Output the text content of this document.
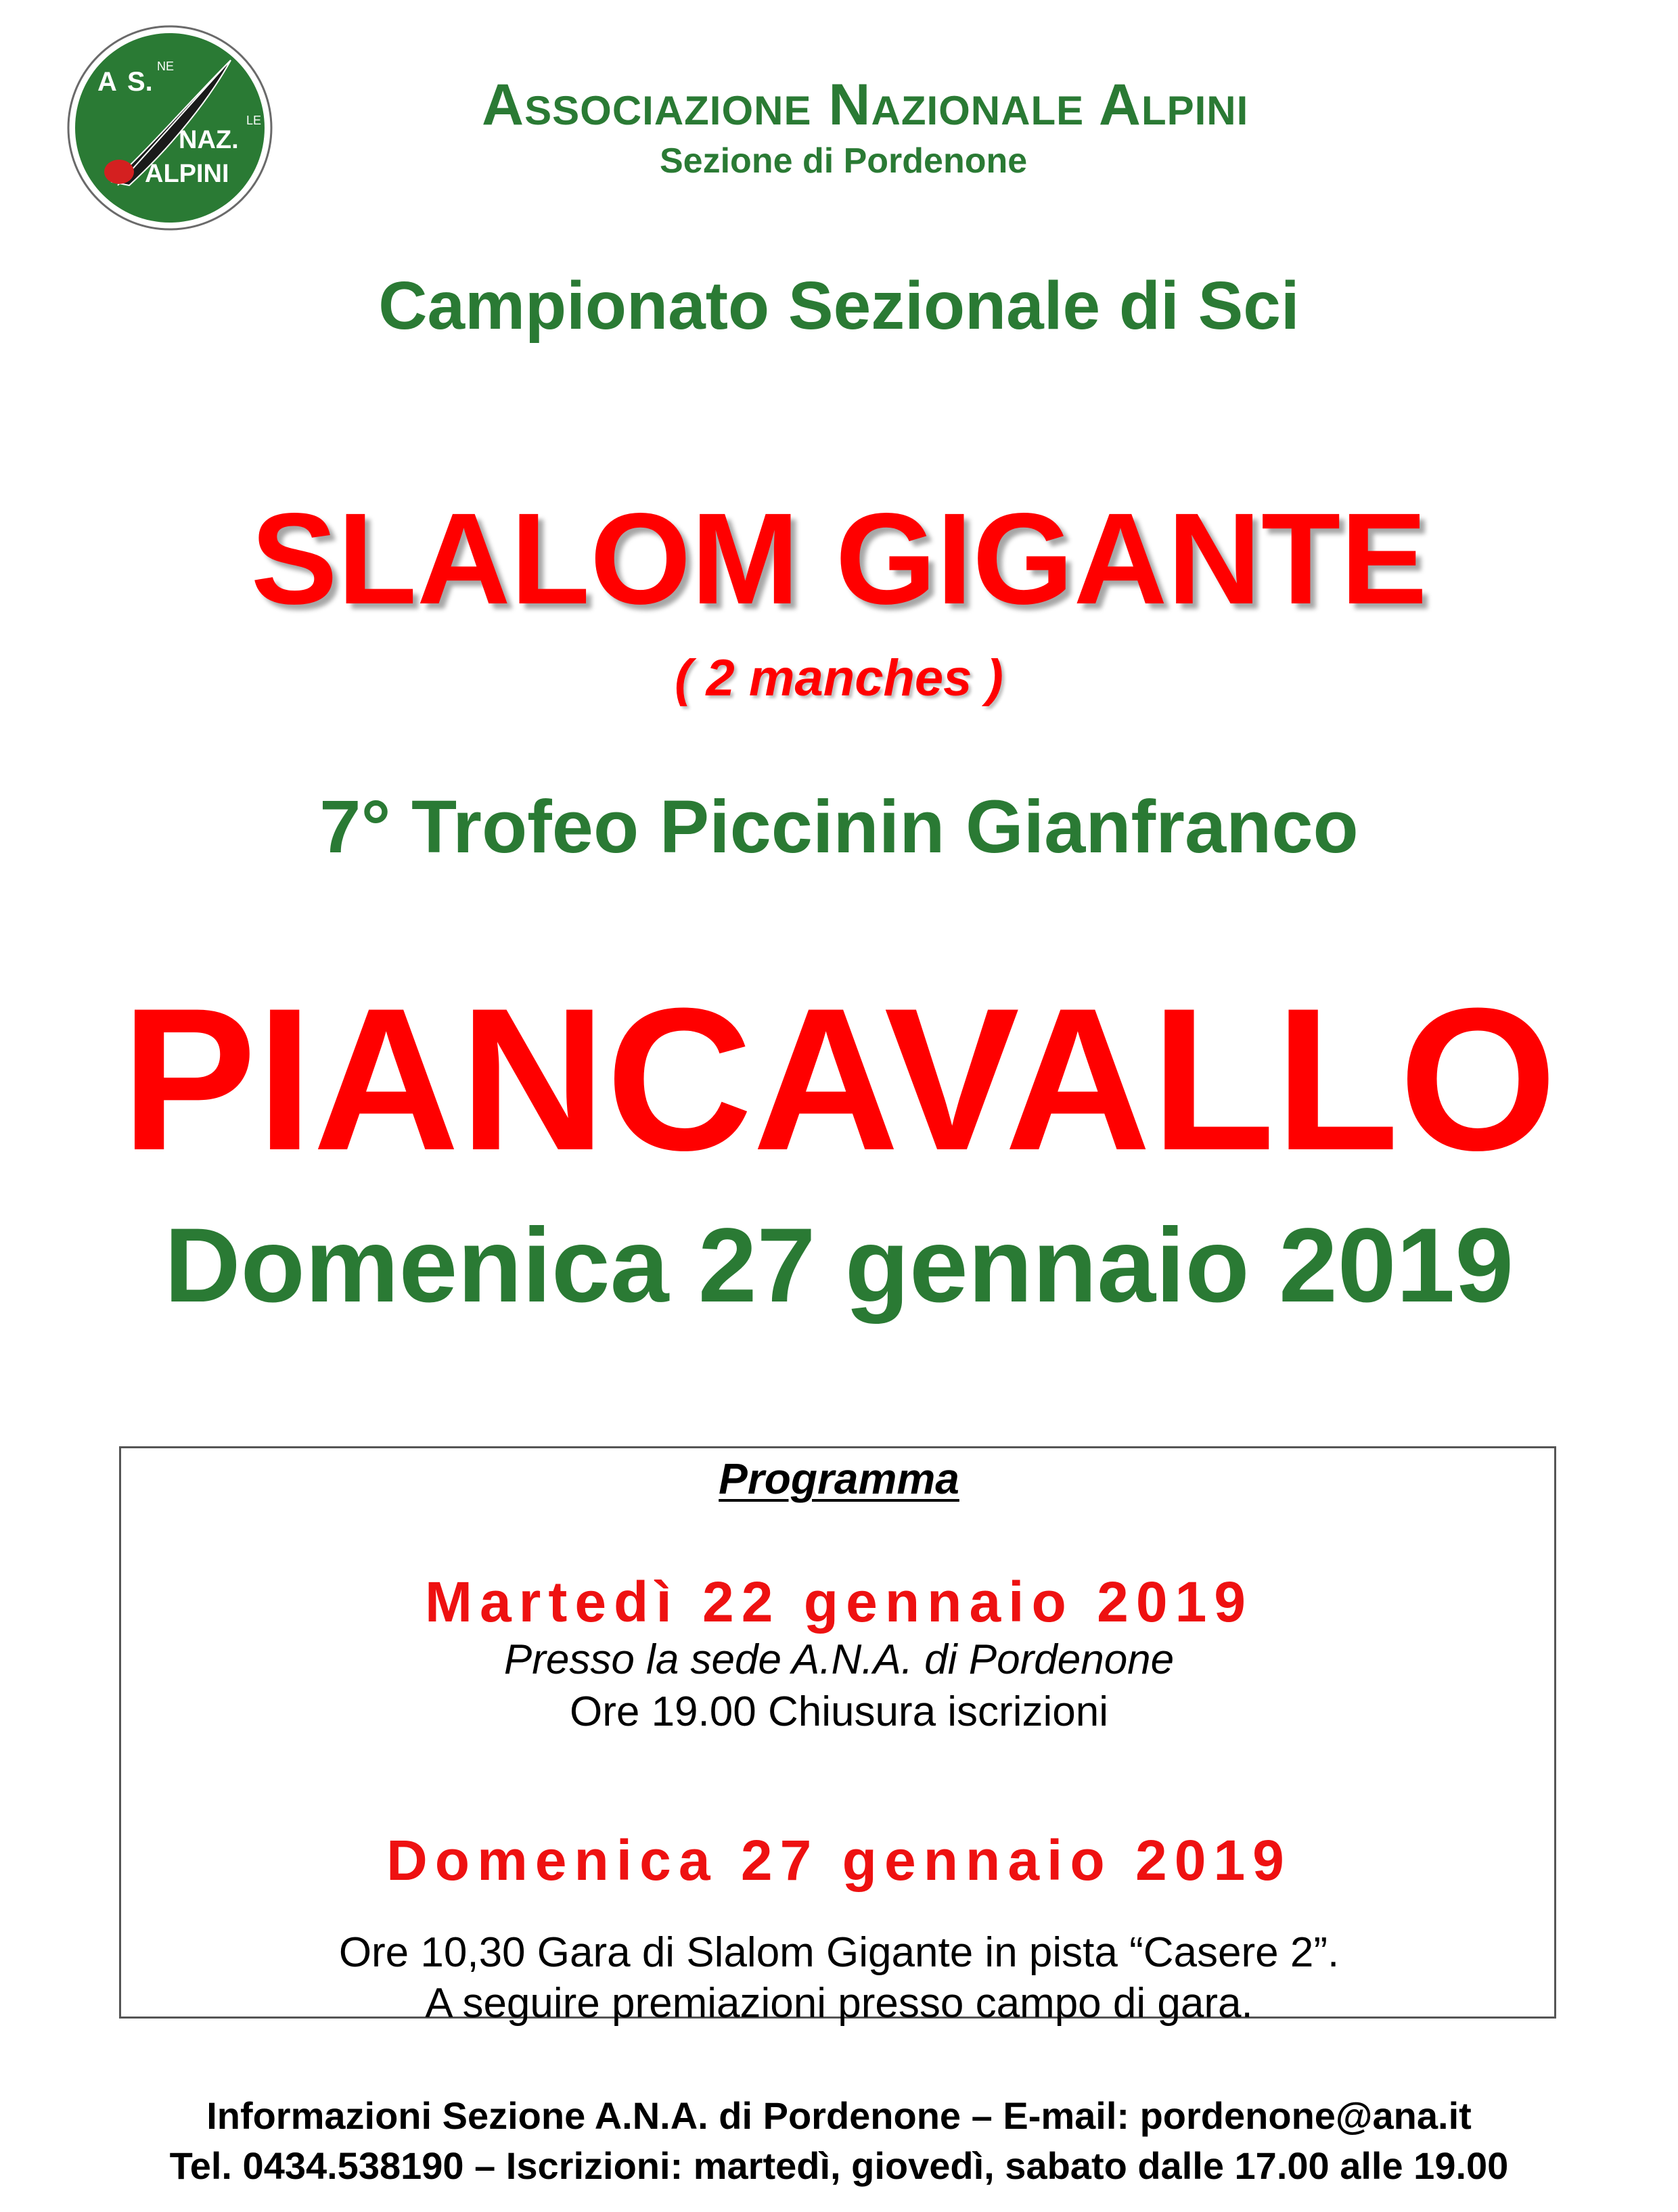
A S.
NE
LE
NAZ.
ALPINI
Associazione Nazionale Alpini
Sezione di Pordenone
Campionato Sezionale di Sci
SLALOM GIGANTE
( 2 manches )
7° Trofeo Piccinin Gianfranco
PIANCAVALLO
Domenica 27 gennaio 2019
Programma
Martedì 22 gennaio 2019
Presso la sede A.N.A. di Pordenone
Ore 19.00 Chiusura iscrizioni
Domenica 27 gennaio 2019
Ore 10,30 Gara di Slalom Gigante in pista “Casere 2”.
A seguire premiazioni presso campo di gara.
Informazioni Sezione A.N.A. di Pordenone – E-mail: pordenone@ana.it
Tel. 0434.538190 – Iscrizioni: martedì, giovedì, sabato dalle 17.00 alle 19.00
